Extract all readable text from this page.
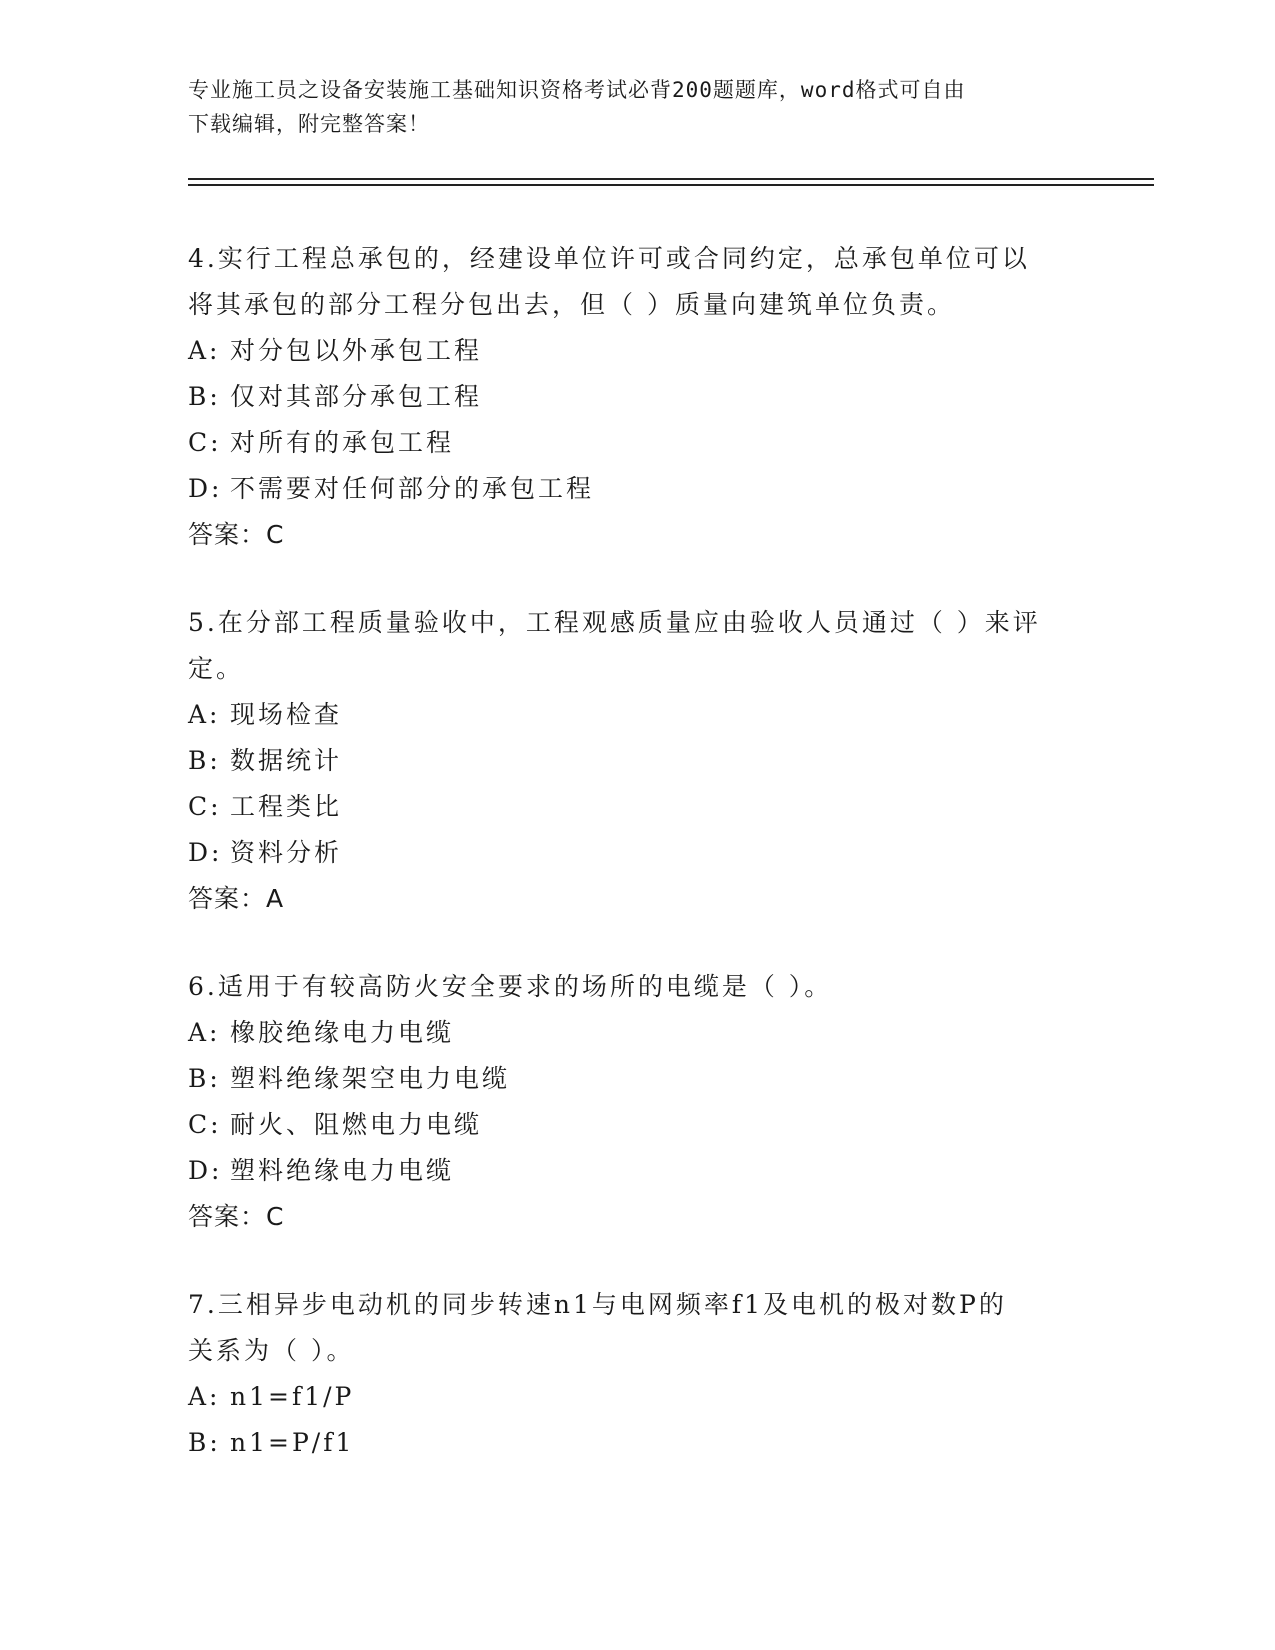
专业施工员之设备安装施工基础知识资格考试必背200题题库，word格式可自由
下载编辑，附完整答案！
4.实行工程总承包的，经建设单位许可或合同约定，总承包单位可以
将其承包的部分工程分包出去，但（ ）质量向建筑单位负责。
A: 对分包以外承包工程
B: 仅对其部分承包工程
C: 对所有的承包工程
D: 不需要对任何部分的承包工程
答案：C
5.在分部工程质量验收中，工程观感质量应由验收人员通过（ ）来评
定。
A: 现场检查
B: 数据统计
C: 工程类比
D: 资料分析
答案：A
6.适用于有较高防火安全要求的场所的电缆是（ ）。
A: 橡胶绝缘电力电缆
B: 塑料绝缘架空电力电缆
C: 耐火、阻燃电力电缆
D: 塑料绝缘电力电缆
答案：C
7.三相异步电动机的同步转速n1与电网频率f1及电机的极对数P的
关系为（ ）。
A: n1=f1/P
B: n1=P/f1
